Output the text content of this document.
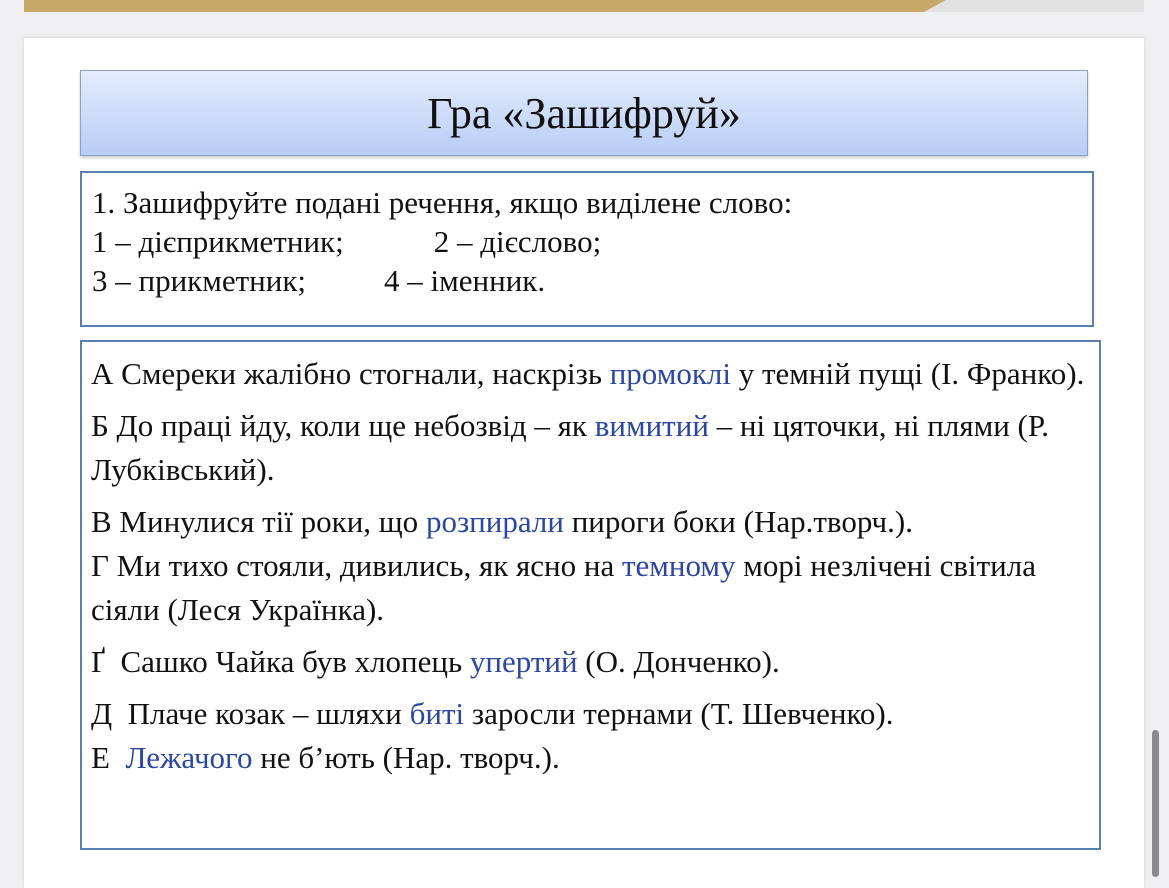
Гра «Зашифруй»
1. Зашифруйте подані речення, якщо виділене слово:
1 – дієприкметник;	2 – дієслово;
3 – прикметник;	4 – іменник.
А Смереки жалібно стогнали, наскрізь промоклі у темній пущі (І. Франко).
Б До праці йду, коли ще небозвід – як вимитий – ні цяточки, ні плями (Р. Лубківський).
В Минулися тії роки, що розпирали пироги боки (Нар.творч.).
Г Ми тихо стояли, дивились, як ясно на темному морі незлічені світила сіяли (Леся Українка).
Ґ  Сашко Чайка був хлопець упертий (О. Донченко).
Д  Плаче козак – шляхи биті заросли тернами (Т. Шевченко).
Е  Лежачого не б’ють (Нар. творч.).
